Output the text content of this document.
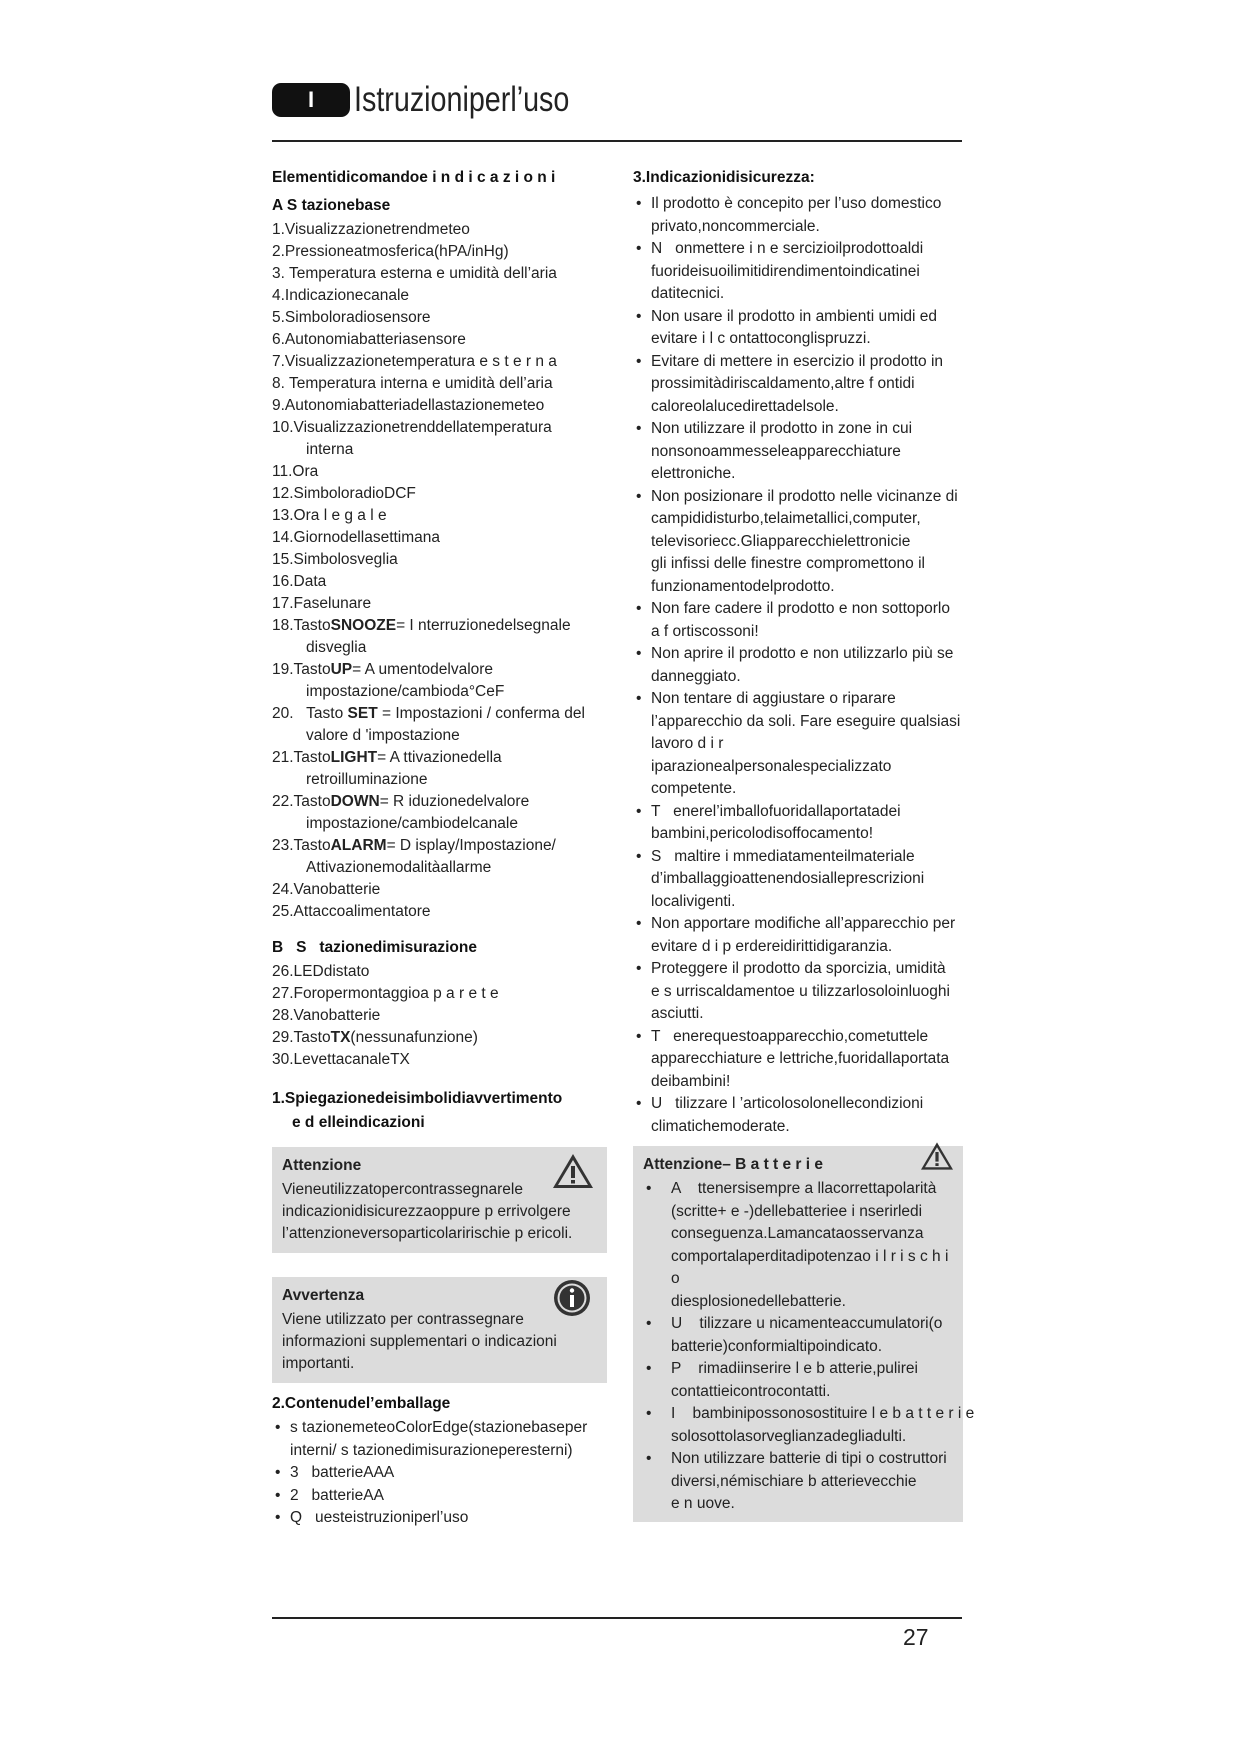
I	Istruzioniperl’uso
Elementidicomandoe i n d i c a z i o n i
A S tazionebase
1.Visualizzazionetrendmeteo
2.Pressioneatmosferica(hPA/inHg)
3. Temperatura esterna e umidità dell’aria
4.Indicazionecanale
5.Simboloradiosensore
6.Autonomiabatteriasensore
7.Visualizzazionetemperatura e s t e r n a
8. Temperatura interna e umidità dell’aria
9.Autonomiabatteriadellastazionemeteo
10.Visualizzazionetrenddellatemperatura
interna
11.Ora
12.SimboloradioDCF
13.Ora l e g a l e
14.Giornodellasettimana
15.Simbolosveglia
16.Data
17.Faselunare
18.TastoSNOOZE= I nterruzionedelsegnale
disveglia
19.TastoUP= A umentodelvalore
impostazione/cambioda°CeF
20.   Tasto SET = Impostazioni / conferma del
valore d 'impostazione
21.TastoLIGHT= A ttivazionedella
retroilluminazione
22.TastoDOWN= R iduzionedelvalore
impostazione/cambiodelcanale
23.TastoALARM= D isplay/Impostazione/
Attivazionemodalitàallarme
24.Vanobatterie
25.Attaccoalimentatore
B   S   tazionedimisurazione
26.LEDdistato
27.Foropermontaggioa p a r e t e
28.Vanobatterie
29.TastoTX(nessunafunzione)
30.LevettacanaleTX
1.Spiegazionedeisimbolidiavvertimento
e d elleindicazioni
Attenzione
Vieneutilizzatopercontrassegnarele
indicazionidisicurezzaoppure p errivolgere
l’attenzioneversoparticolaririschie p ericoli.
Avvertenza
Viene utilizzato per contrassegnare
informazioni supplementari o indicazioni
importanti.
2.Contenudel’emballage
• s tazionemeteoColorEdge(stazionebaseper
interni/ s tazionedimisurazioneperesterni)
• 3   batterieAAA
• 2   batterieAA
• Q   uesteistruzioniperl’uso
3.Indicazionidisicurezza:
• Il prodotto è concepito per l’uso domestico
privato,noncommerciale.
• N   onmettere i n e sercizioilprodottoaldi
fuorideisuoilimitidirendimentoindicatinei
datitecnici.
• Non usare il prodotto in ambienti umidi ed
evitare i l c ontattoconglispruzzi.
• Evitare di mettere in esercizio il prodotto in
prossimitàdiriscaldamento,altre f ontidi
caloreolalucedirettadelsole.
• Non utilizzare il prodotto in zone in cui
nonsonoammesseleapparecchiature
elettroniche.
• Non posizionare il prodotto nelle vicinanze di
campididisturbo,telaimetallici,computer,
televisoriecc.Gliapparecchielettronicie
gli infissi delle finestre compromettono il
funzionamentodelprodotto.
• Non fare cadere il prodotto e non sottoporlo
a f ortiscossoni!
• Non aprire il prodotto e non utilizzarlo più se
danneggiato.
• Non tentare di aggiustare o riparare
l’apparecchio da soli. Fare eseguire qualsiasi
lavoro d i r iparazionealpersonalespecializzato
competente.
• T   enerel’imballofuoridallaportatadei
bambini,pericolodisoffocamento!
• S   maltire i mmediatamenteilmateriale
d’imballaggioattenendosialleprescrizioni
localivigenti.
• Non apportare modifiche all’apparecchio per
evitare d i p erdereidirittidigaranzia.
• Proteggere il prodotto da sporcizia, umidità
e s urriscaldamentoe u tilizzarlosoloinluoghi
asciutti.
• T   enerequestoapparecchio,cometuttele
apparecchiature e lettriche,fuoridallaportata
deibambini!
• U   tilizzare l ’articolosolonellecondizioni
climatichemoderate.
Attenzione– B a t t e r i e
• A    ttenersisempre a llacorrettapolarità
(scritte+ e -)dellebatteriee i nserirledi
conseguenza.Lamancataosservanza
comportalaperditadipotenzao i l r i s c h i o
diesplosionedellebatterie.
• U    tilizzare u nicamenteaccumulatori(o
batterie)conformialtipoindicato.
• P    rimadiinserire l e b atterie,pulirei
contattieicontrocontatti.
• I    bambinipossonosostituire l e b a t t e r i e
solosottolasorveglianzadegliadulti.
• Non utilizzare batterie di tipi o costruttori
diversi,némischiare b atterievecchie
e n uove.
27
